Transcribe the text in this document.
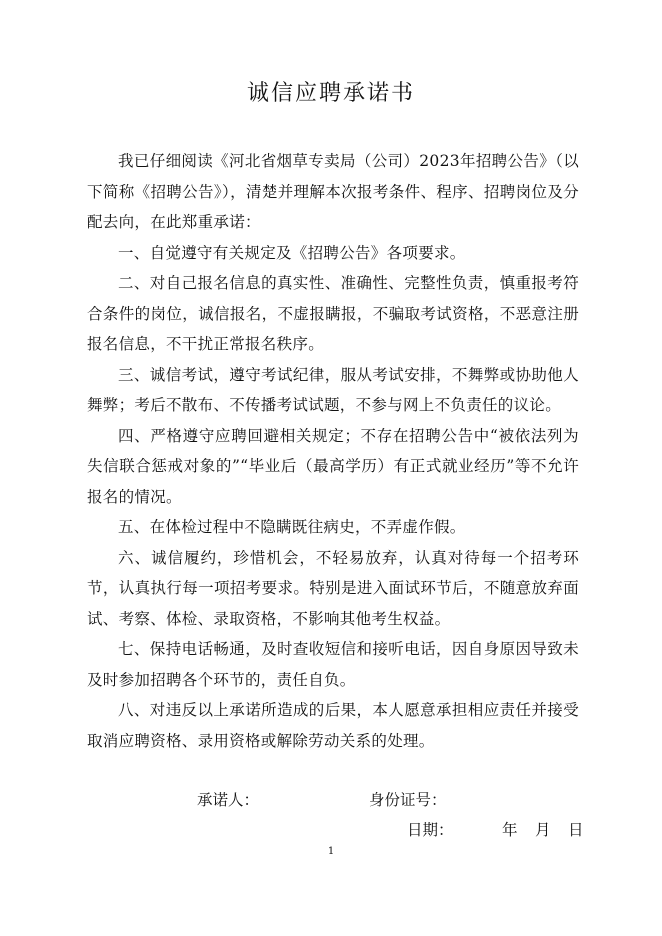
诚信应聘承诺书

我已仔细阅读《河北省烟草专卖局（公司）2023年招聘公告》（以下简称《招聘公告》），清楚并理解本次报考条件、程序、招聘岗位及分配去向，在此郑重承诺：

一、自觉遵守有关规定及《招聘公告》各项要求。

二、对自己报名信息的真实性、准确性、完整性负责，慎重报考符合条件的岗位，诚信报名，不虚报瞒报，不骗取考试资格，不恶意注册报名信息，不干扰正常报名秩序。

三、诚信考试，遵守考试纪律，服从考试安排，不舞弊或协助他人舞弊；考后不散布、不传播考试试题，不参与网上不负责任的议论。

四、严格遵守应聘回避相关规定；不存在招聘公告中“被依法列为失信联合惩戒对象的”“毕业后（最高学历）有正式就业经历”等不允许报名的情况。

五、在体检过程中不隐瞒既往病史，不弄虚作假。

六、诚信履约，珍惜机会，不轻易放弃，认真对待每一个招考环节，认真执行每一项招考要求。特别是进入面试环节后，不随意放弃面试、考察、体检、录取资格，不影响其他考生权益。

七、保持电话畅通，及时查收短信和接听电话，因自身原因导致未及时参加招聘各个环节的，责任自负。

八、对违反以上承诺所造成的后果，本人愿意承担相应责任并接受取消应聘资格、录用资格或解除劳动关系的处理。

承诺人：	身份证号：
日期：	年 月 日
1
